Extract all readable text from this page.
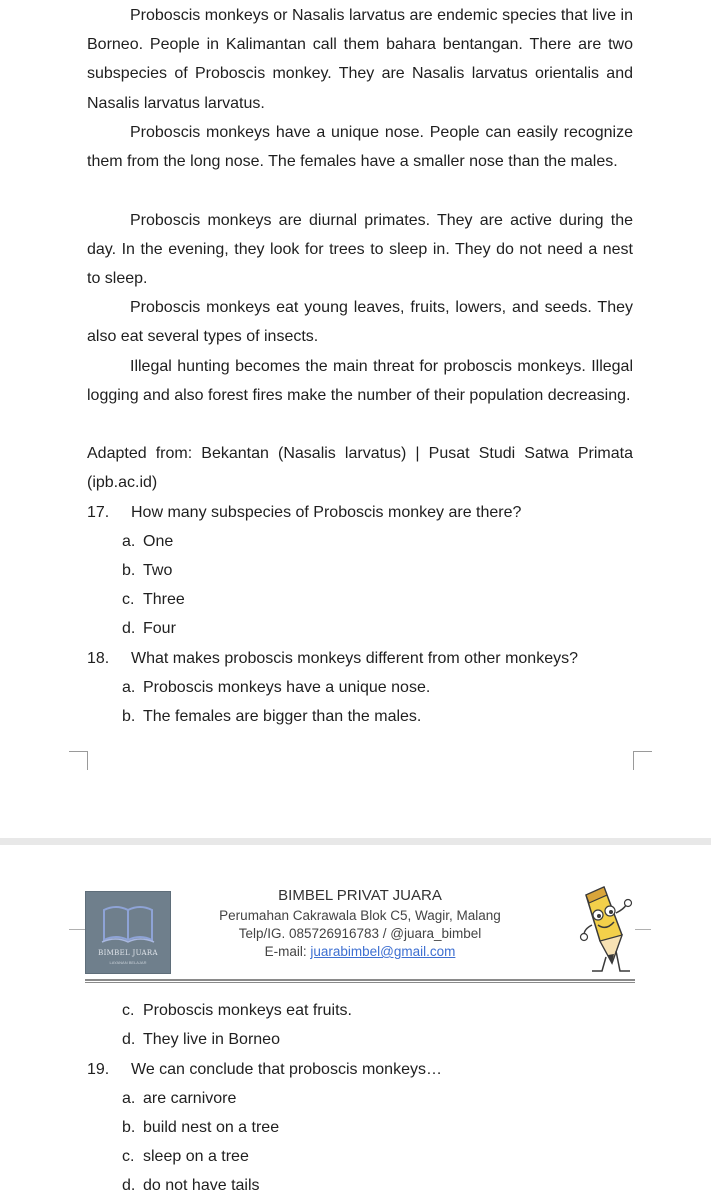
Proboscis monkeys or Nasalis larvatus are endemic species that live in Borneo. People in Kalimantan call them bahara bentangan. There are two subspecies of Proboscis monkey. They are Nasalis larvatus orientalis and Nasalis larvatus larvatus.

Proboscis monkeys have a unique nose. People can easily recognize them from the long nose. The females have a smaller nose than the males.

Proboscis monkeys are diurnal primates. They are active during the day. In the evening, they look for trees to sleep in. They do not need a nest to sleep.

Proboscis monkeys eat young leaves, fruits, lowers, and seeds. They also eat several types of insects.

Illegal hunting becomes the main threat for proboscis monkeys. Illegal logging and also forest fires make the number of their population decreasing.

Adapted from: Bekantan (Nasalis larvatus) | Pusat Studi Satwa Primata (ipb.ac.id)

17. How many subspecies of Proboscis monkey are there?
a. One
b. Two
c. Three
d. Four
18. What makes proboscis monkeys different from other monkeys?
a. Proboscis monkeys have a unique nose.
b. The females are bigger than the males.
BIMBEL JUARA
LAYANAN BELAJAR
BIMBEL PRIVAT JUARA
Perumahan Cakrawala Blok C5, Wagir, Malang
Telp/IG. 085726916783 / @juara_bimbel
E-mail: juarabimbel@gmail.com
c. Proboscis monkeys eat fruits.
d. They live in Borneo
19. We can conclude that proboscis monkeys…
a. are carnivore
b. build nest on a tree
c. sleep on a tree
d. do not have tails
